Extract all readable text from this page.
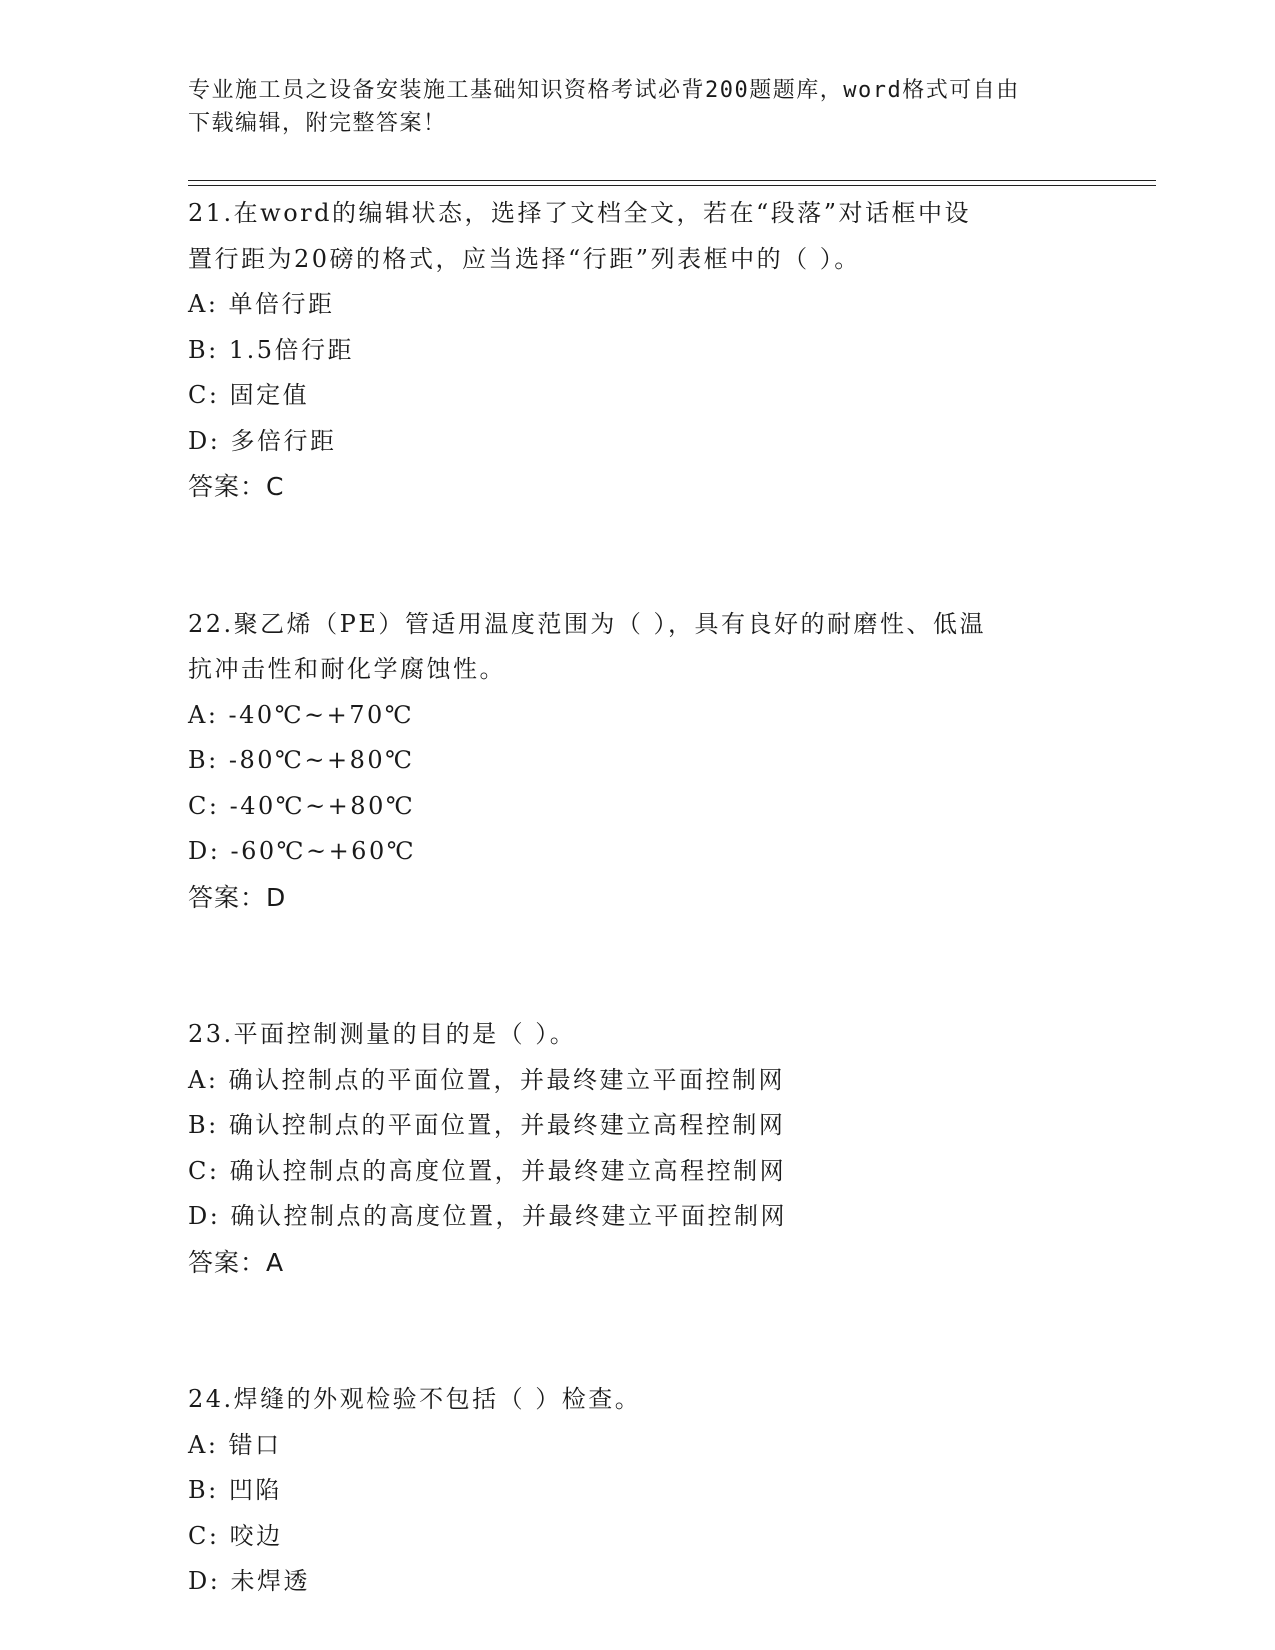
专业施工员之设备安装施工基础知识资格考试必背200题题库，word格式可自由
下载编辑，附完整答案！
21.在word的编辑状态，选择了文档全文，若在“段落”对话框中设
置行距为20磅的格式，应当选择“行距”列表框中的（ ）。
A: 单倍行距
B: 1.5倍行距
C: 固定值
D: 多倍行距
答案：C
22.聚乙烯（PE）管适用温度范围为（ ），具有良好的耐磨性、低温
抗冲击性和耐化学腐蚀性。
A: -40℃~+70℃
B: -80℃~+80℃
C: -40℃~+80℃
D: -60℃~+60℃
答案：D
23.平面控制测量的目的是（ ）。
A: 确认控制点的平面位置，并最终建立平面控制网
B: 确认控制点的平面位置，并最终建立高程控制网
C: 确认控制点的高度位置，并最终建立高程控制网
D: 确认控制点的高度位置，并最终建立平面控制网
答案：A
24.焊缝的外观检验不包括（ ）检查。
A: 错口
B: 凹陷
C: 咬边
D: 未焊透
